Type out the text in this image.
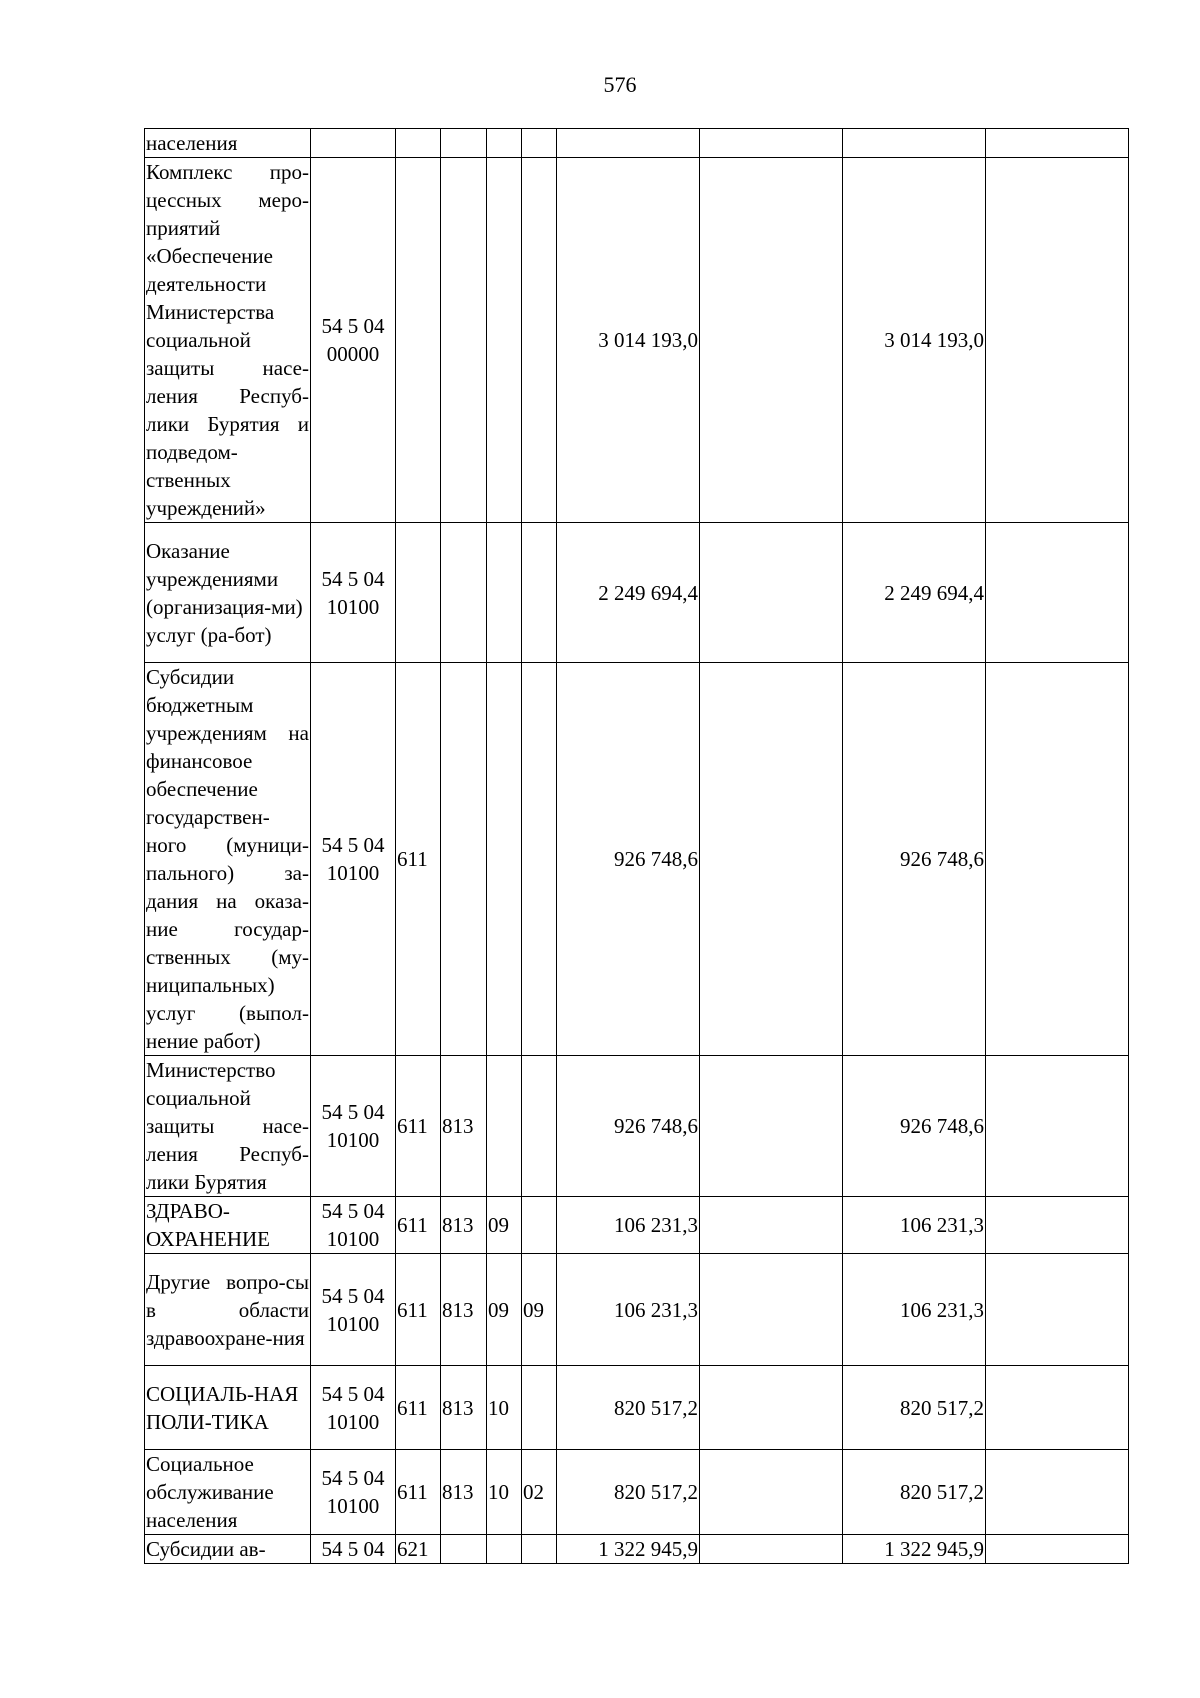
576
населения									
Комплекс про-цессных меро-приятий «Обеспечение деятельности Министерства социальной защиты насе-ления Респуб-лики Бурятия и подведом-ственных учреждений»	54 5 04 00000					3 014 193,0		3 014 193,0	
Оказание учреждениями (организация-ми) услуг (ра-бот)	54 5 04 10100					2 249 694,4		2 249 694,4	
Субсидии бюджетным учреждениям на финансовое обеспечение государствен-ного (муници-пального) за-дания на оказа-ние государ-ственных (му-ниципальных) услуг (выпол-нение работ)	54 5 04 10100	611				926 748,6		926 748,6	
Министерство социальной защиты насе-ления Респуб-лики Бурятия	54 5 04 10100	611	813			926 748,6		926 748,6	
ЗДРАВО-ОХРАНЕНИЕ	54 5 04 10100	611	813	09		106 231,3		106 231,3	
Другие вопро-сы в области здравоохране-ния	54 5 04 10100	611	813	09	09	106 231,3		106 231,3	
СОЦИАЛЬ-НАЯ ПОЛИ-ТИКА	54 5 04 10100	611	813	10		820 517,2		820 517,2	
Социальное обслуживание населения	54 5 04 10100	611	813	10	02	820 517,2		820 517,2	
Субсидии ав-	54 5 04	621				1 322 945,9		1 322 945,9	
